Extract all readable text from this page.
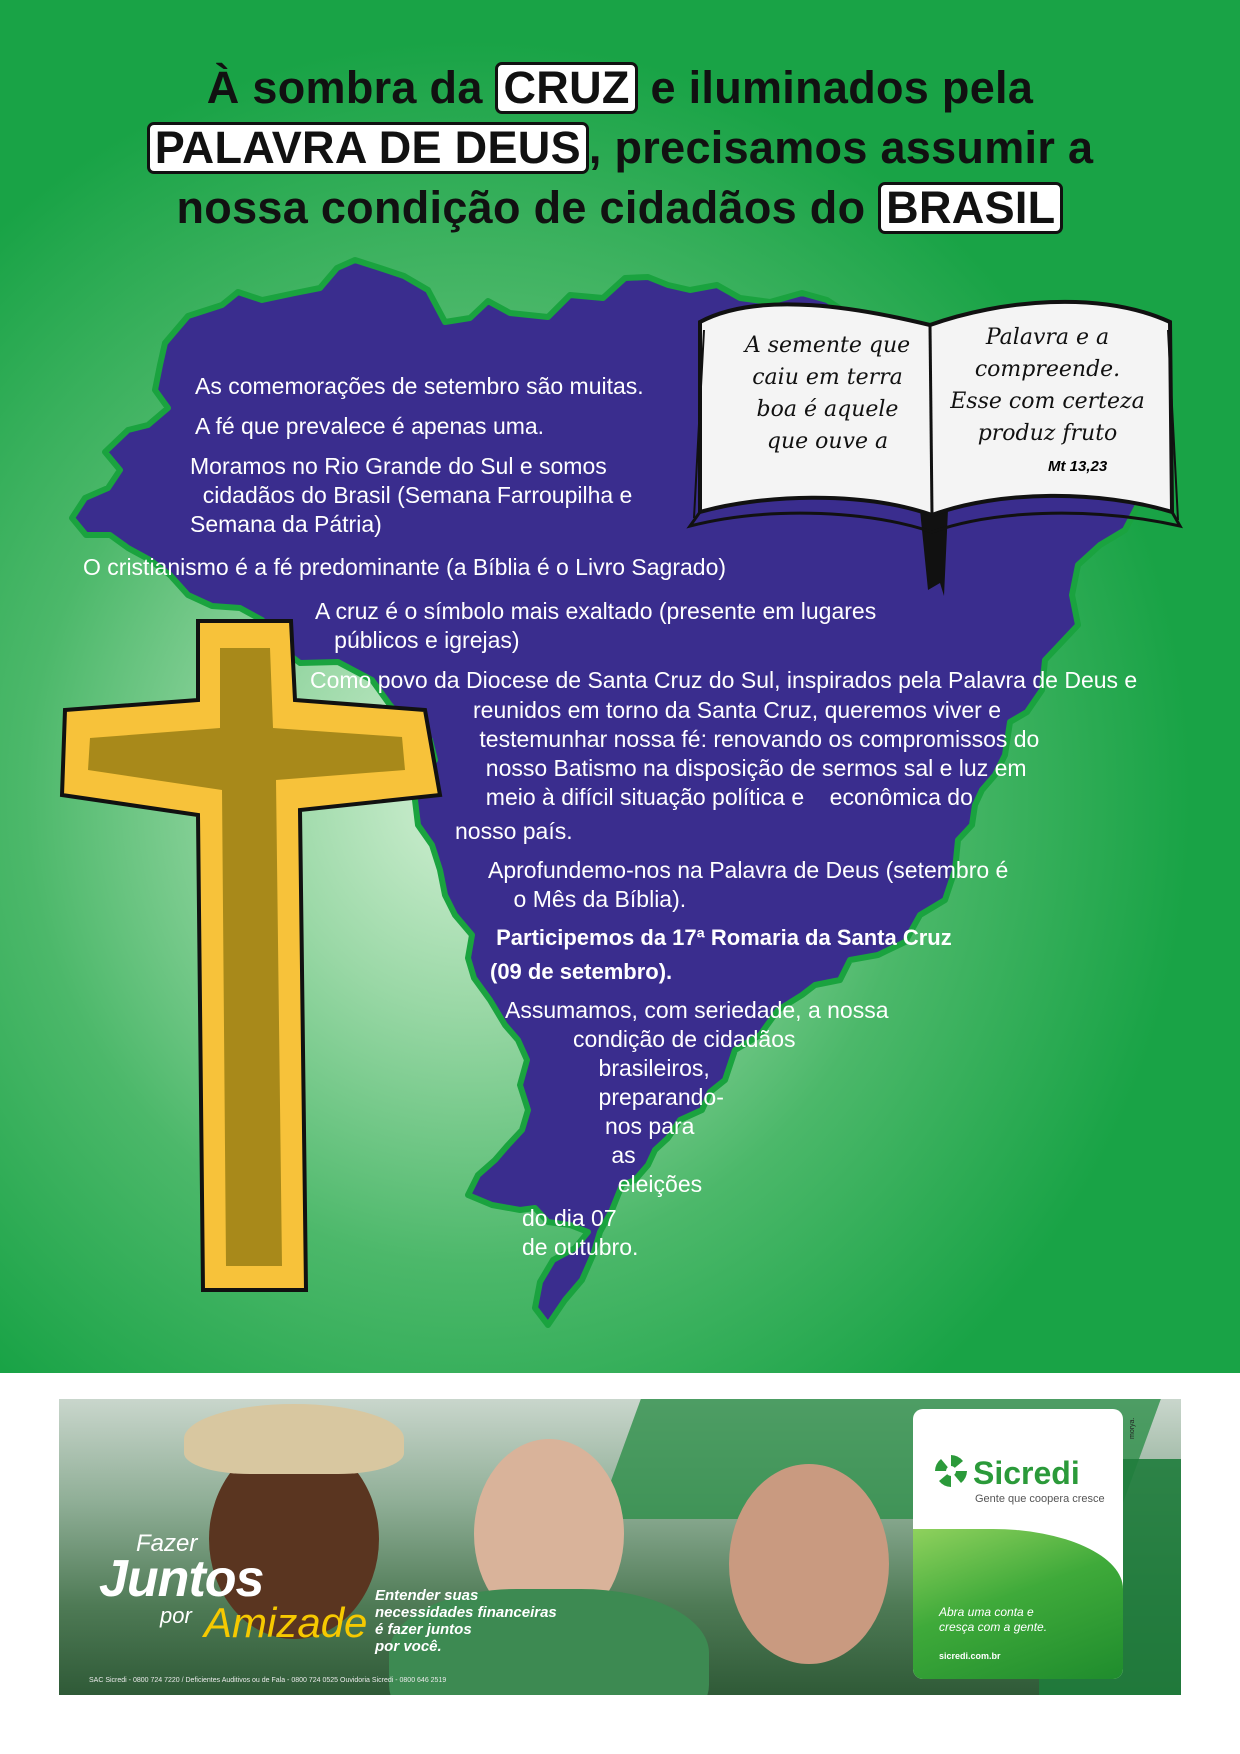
À sombra da CRUZ e iluminados pela
PALAVRA DE DEUS , precisamos assumir a
nossa condição de cidadãos do BRASIL
A semente que
caiu em terra
boa é aquele
que ouve a
Palavra e a
compreende.
Esse com certeza
produz fruto
Mt 13,23
As comemorações de setembro são muitas.
A fé que prevalece é apenas uma.
Moramos no Rio Grande do Sul e somos
cidadãos do Brasil (Semana Farroupilha e
Semana da Pátria)
O cristianismo é a fé predominante (a Bíblia é o Livro Sagrado)
A cruz é o símbolo mais exaltado (presente em lugares
públicos e igrejas)
Como povo da Diocese de Santa Cruz do Sul, inspirados pela Palavra de Deus e
reunidos em torno da Santa Cruz, queremos viver e
testemunhar nossa fé: renovando os compromissos do
nosso Batismo na disposição de sermos sal e luz em
meio à difícil situação política e    econômica do
nosso país.
Aprofundemo-nos na Palavra de Deus (setembro é
o Mês da Bíblia).
Participemos da 17ª Romaria da Santa Cruz
(09 de setembro).
Assumamos, com seriedade, a nossa
condição de cidadãos
brasileiros,
preparando-
nos para
as
eleições
do dia 07
de outubro.
Fazer
Juntos
por Amizade
Entender suas
necessidades financeiras
é fazer juntos
por você.
SAC Sicredi - 0800 724 7220 / Deficientes Auditivos ou de Fala - 0800 724 0525 Ouvidoria Sicredi - 0800 646 2519
Sicredi
Gente que coopera cresce
Abra uma conta e
cresça com a gente.
sicredi.com.br
morya.
